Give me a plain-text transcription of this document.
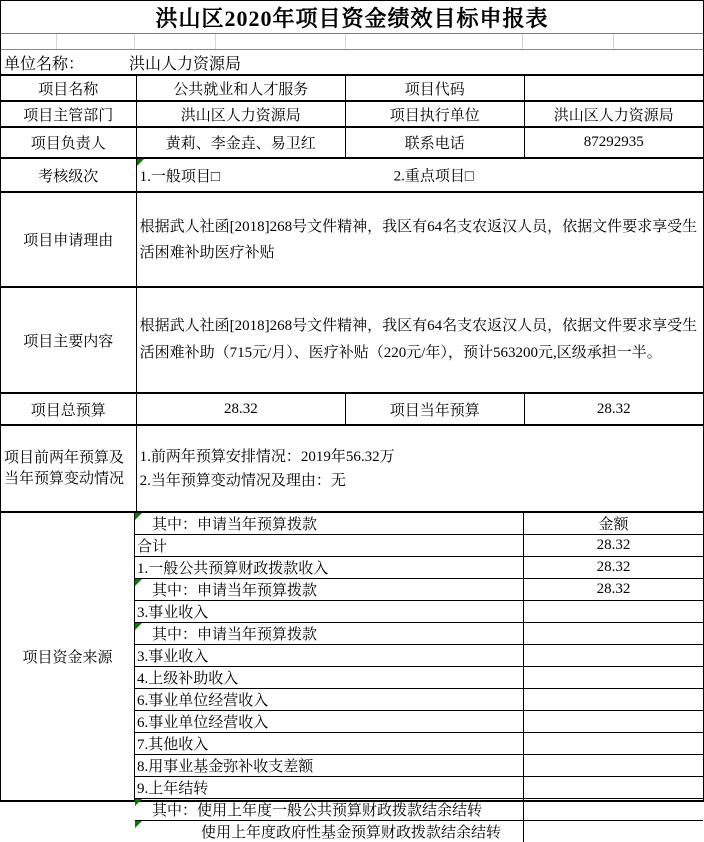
洪山区2020年项目资金绩效目标申报表
单位名称：	洪山人力资源局
项目名称	公共就业和人才服务	项目代码
项目主管部门	洪山区人力资源局	项目执行单位	洪山区人力资源局
项目负责人	黄莉、李金垚、易卫红	联系电话	87292935
考核级次	1.一般项目□	2.重点项目□
项目申请理由
根据武人社函[2018]268号文件精神，我区有64名支农返汉人员，依据文件要求享受生活困难补助医疗补贴
项目主要内容
根据武人社函[2018]268号文件精神，我区有64名支农返汉人员，依据文件要求享受生活困难补助（715元/月）、医疗补贴（220元/年），预计563200元,区级承担一半。
项目总预算	28.32	项目当年预算	28.32
项目前两年预算及当年预算变动情况
1.前两年预算安排情况：2019年56.32万
2.当年预算变动情况及理由：无
项目资金来源
其中：申请当年预算拨款	金额
合计	28.32
1.一般公共预算财政拨款收入	28.32
其中：申请当年预算拨款	28.32
3.事业收入
其中：申请当年预算拨款
3.事业收入
4.上级补助收入
6.事业单位经营收入
6.事业单位经营收入
7.其他收入
8.用事业基金弥补收支差额
9.上年结转
其中：使用上年度一般公共预算财政拨款结余结转
使用上年度政府性基金预算财政拨款结余结转
